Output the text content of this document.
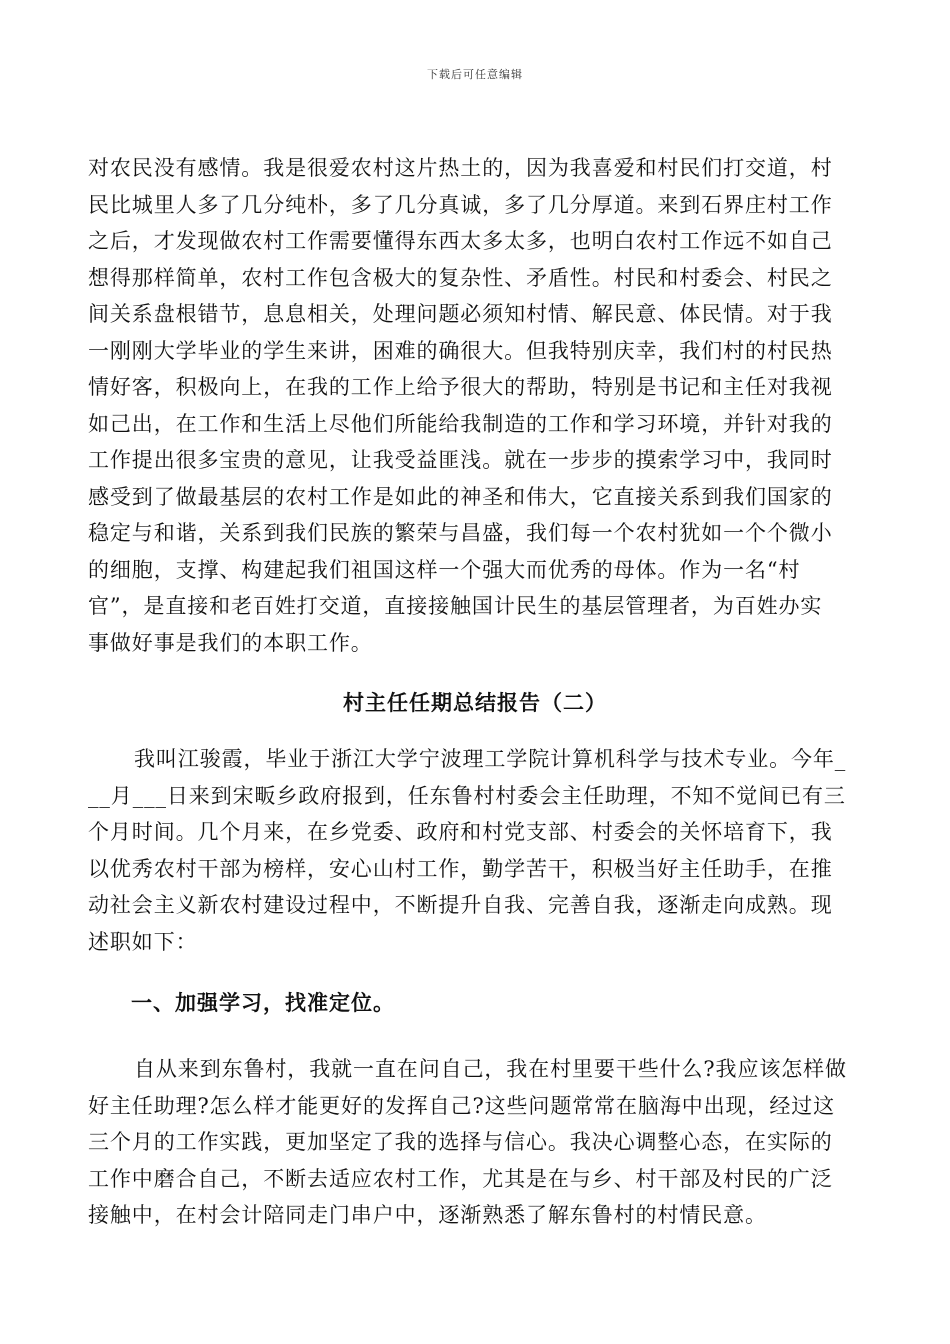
下载后可任意编辑
对农民没有感情。我是很爱农村这片热土的，因为我喜爱和村民们打交道，村
民比城里人多了几分纯朴，多了几分真诚，多了几分厚道。来到石界庄村工作
之后，才发现做农村工作需要懂得东西太多太多，也明白农村工作远不如自己
想得那样简单，农村工作包含极大的复杂性、矛盾性。村民和村委会、村民之
间关系盘根错节，息息相关，处理问题必须知村情、解民意、体民情。对于我
一刚刚大学毕业的学生来讲，困难的确很大。但我特别庆幸，我们村的村民热
情好客，积极向上，在我的工作上给予很大的帮助，特别是书记和主任对我视
如己出，在工作和生活上尽他们所能给我制造的工作和学习环境，并针对我的
工作提出很多宝贵的意见，让我受益匪浅。就在一步步的摸索学习中，我同时
感受到了做最基层的农村工作是如此的神圣和伟大，它直接关系到我们国家的
稳定与和谐，关系到我们民族的繁荣与昌盛，我们每一个农村犹如一个个微小
的细胞，支撑、构建起我们祖国这样一个强大而优秀的母体。作为一名“村
官”，是直接和老百姓打交道，直接接触国计民生的基层管理者，为百姓办实
事做好事是我们的本职工作。
村主任任期总结报告（二）
我叫江骏霞，毕业于浙江大学宁波理工学院计算机科学与技术专业。今年_
__月___日来到宋畈乡政府报到，任东鲁村村委会主任助理，不知不觉间已有三
个月时间。几个月来，在乡党委、政府和村党支部、村委会的关怀培育下，我
以优秀农村干部为榜样，安心山村工作，勤学苦干，积极当好主任助手，在推
动社会主义新农村建设过程中，不断提升自我、完善自我，逐渐走向成熟。现
述职如下：
一、加强学习，找准定位。
自从来到东鲁村，我就一直在问自己，我在村里要干些什么?我应该怎样做
好主任助理?怎么样才能更好的发挥自己?这些问题常常在脑海中出现，经过这
三个月的工作实践，更加坚定了我的选择与信心。我决心调整心态，在实际的
工作中磨合自己，不断去适应农村工作，尤其是在与乡、村干部及村民的广泛
接触中，在村会计陪同走门串户中，逐渐熟悉了解东鲁村的村情民意。
